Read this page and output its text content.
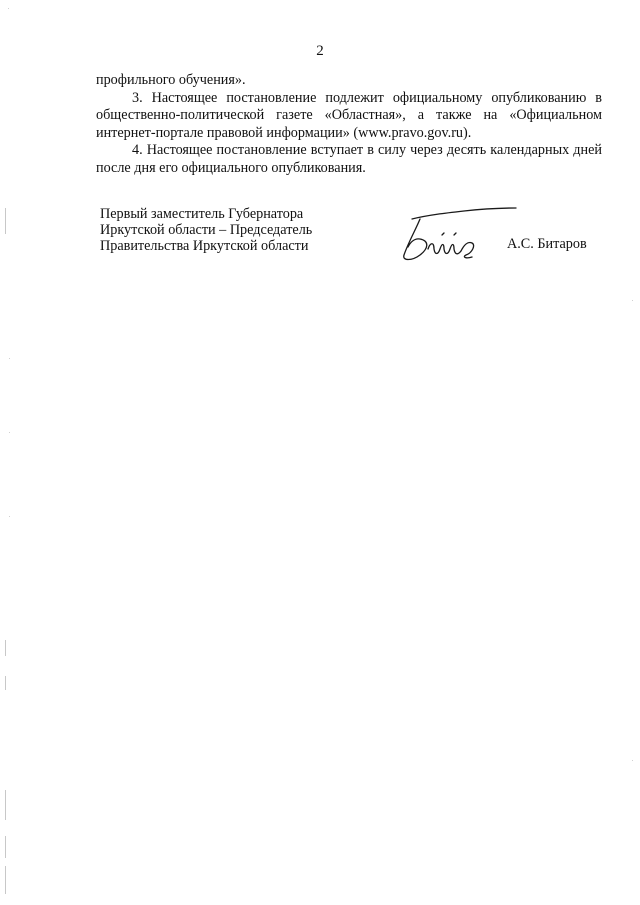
2

профильного обучения».

3. Настоящее постановление подлежит официальному опубликованию в общественно-политической газете «Областная», а также на «Официальном интернет-портале правовой информации» (www.pravo.gov.ru).

4. Настоящее постановление вступает в силу через десять календарных дней после дня его официального опубликования.

Первый заместитель Губернатора
Иркутской области – Председатель
Правительства Иркутской области	А.С. Битаров
